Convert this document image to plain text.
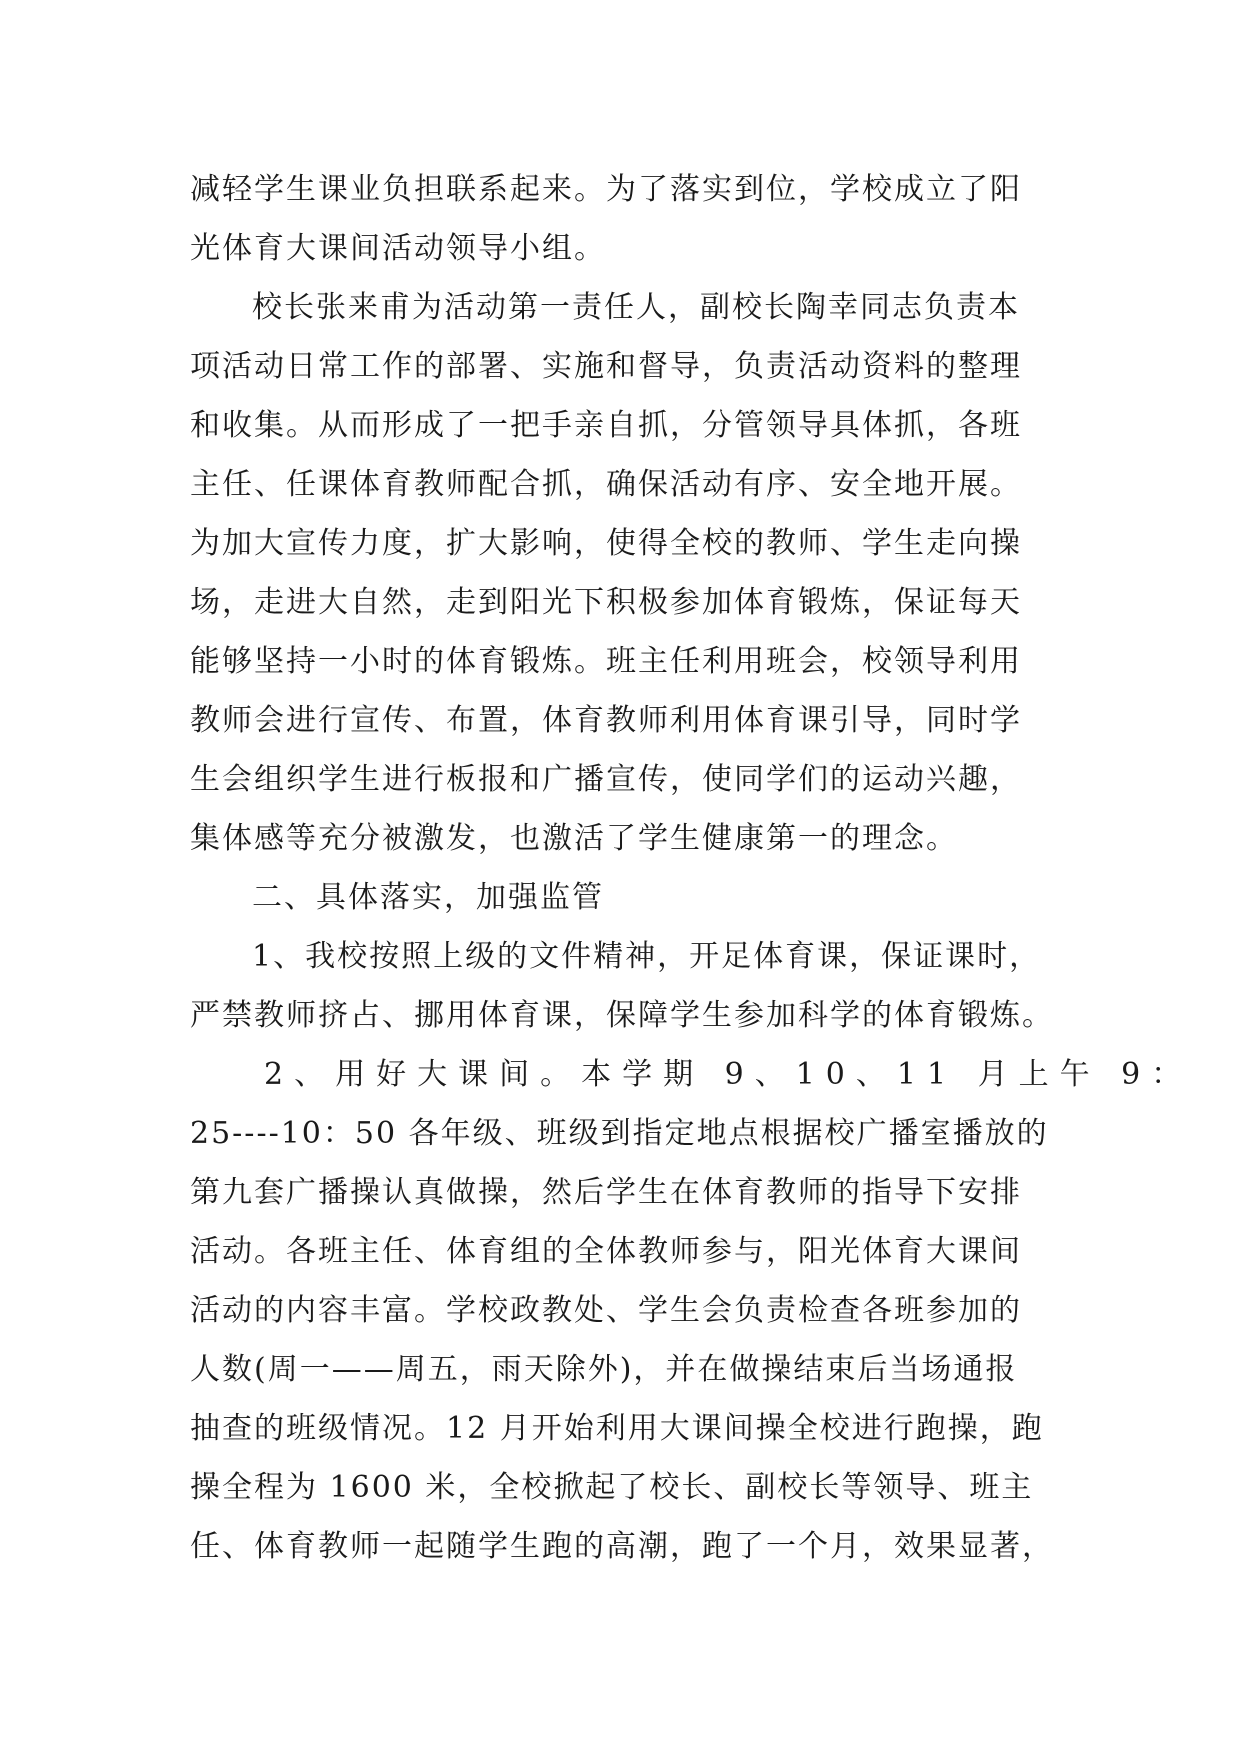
减轻学生课业负担联系起来。为了落实到位，学校成立了阳
光体育大课间活动领导小组。
校长张来甫为活动第一责任人，副校长陶幸同志负责本
项活动日常工作的部署、实施和督导，负责活动资料的整理
和收集。从而形成了一把手亲自抓，分管领导具体抓，各班
主任、任课体育教师配合抓，确保活动有序、安全地开展。
为加大宣传力度，扩大影响，使得全校的教师、学生走向操
场，走进大自然，走到阳光下积极参加体育锻炼，保证每天
能够坚持一小时的体育锻炼。班主任利用班会，校领导利用
教师会进行宣传、布置，体育教师利用体育课引导，同时学
生会组织学生进行板报和广播宣传，使同学们的运动兴趣，
集体感等充分被激发，也激活了学生健康第一的理念。
二、具体落实，加强监管
1、我校按照上级的文件精神，开足体育课，保证课时，
严禁教师挤占、挪用体育课，保障学生参加科学的体育锻炼。
2、用好大课间。本学期 9、10、11 月上午 9：
25----10：50 各年级、班级到指定地点根据校广播室播放的
第九套广播操认真做操，然后学生在体育教师的指导下安排
活动。各班主任、体育组的全体教师参与，阳光体育大课间
活动的内容丰富。学校政教处、学生会负责检查各班参加的
人数(周一——周五，雨天除外)，并在做操结束后当场通报
抽查的班级情况。12 月开始利用大课间操全校进行跑操，跑
操全程为 1600 米，全校掀起了校长、副校长等领导、班主
任、体育教师一起随学生跑的高潮，跑了一个月，效果显著，
